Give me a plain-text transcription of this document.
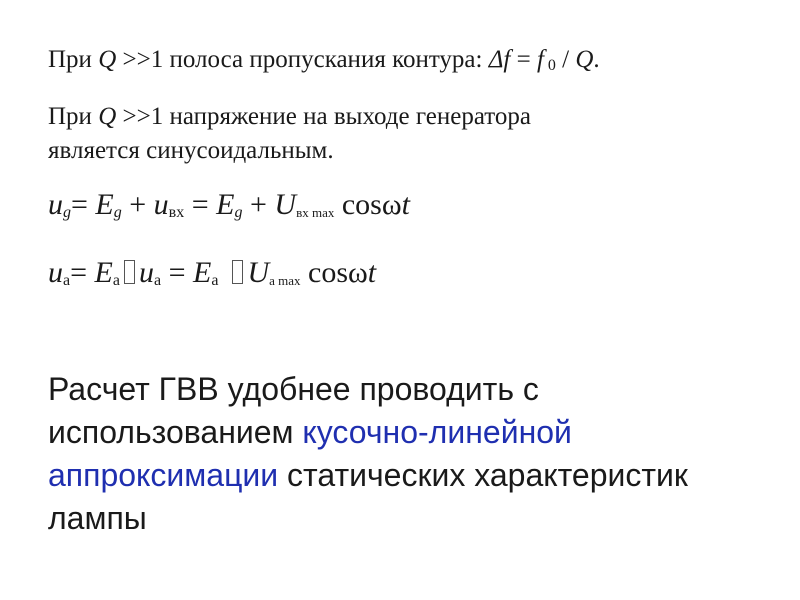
При Q >>1 полоса пропускания контура: Δf = f 0 / Q.
При Q >>1 напряжение на выходе генератора
является синусоидальным.
ug= Eg + uвх = Eg + Uвх max cosωt
ua= Ea ua = Ea Ua max cosωt
Расчет ГВВ удобнее проводить с использованием кусочно-линейной аппроксимации статических характеристик лампы
